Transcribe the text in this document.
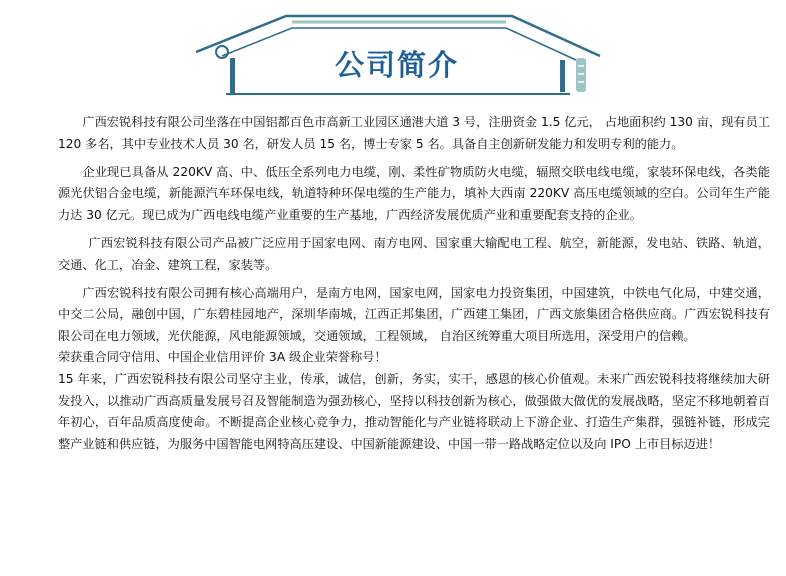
公司简介

广西宏锐科技有限公司坐落在中国铝都百色市高新工业园区通港大道 3 号，注册资金 1.5 亿元， 占地面积约 130 亩，现有员工 120 多名，其中专业技术人员 30 名，研发人员 15 名，博士专家 5 名。具备自主创新研发能力和发明专利的能力。

企业现已具备从 220KV 高、中、低压全系列电力电缆，刚、柔性矿物质防火电缆，辐照交联电线电缆，家装环保电线，各类能源光伏铝合金电缆，新能源汽车环保电线，轨道特种环保电缆的生产能力，填补大西南 220KV 高压电缆领域的空白。公司年生产能力达 30 亿元。现已成为广西电线电缆产业重要的生产基地，广西经济发展优质产业和重要配套支持的企业。

广西宏锐科技有限公司产品被广泛应用于国家电网、南方电网、国家重大输配电工程、航空，新能源，发电站、铁路、轨道，交通、化工，冶金、建筑工程，家装等。

广西宏锐科技有限公司拥有核心高端用户，是南方电网，国家电网，国家电力投资集团，中国建筑，中铁电气化局，中建交通，中交二公局，融创中国，广东碧桂园地产，深圳华南城，江西正邦集团，广西建工集团，广西文旅集团合格供应商。广西宏锐科技有限公司在电力领域，光伏能源，风电能源领域，交通领域，工程领域， 自治区统筹重大项目所选用，深受用户的信赖。

荣获重合同守信用、中国企业信用评价 3A 级企业荣誉称号！

15 年来，广西宏锐科技有限公司坚守主业，传承，诚信，创新，务实，实干，感恩的核心价值观。未来广西宏锐科技将继续加大研发投入，以推动广西高质量发展号召及智能制造为强劲核心，坚持以科技创新为核心，做强做大做优的发展战略，坚定不移地朝着百年初心，百年品质高度使命。不断提高企业核心竞争力，推动智能化与产业链将联动上下游企业、打造生产集群，强链补链，形成完整产业链和供应链，为服务中国智能电网特高压建设、中国新能源建设、中国一带一路战略定位以及向 IPO 上市目标迈进！
